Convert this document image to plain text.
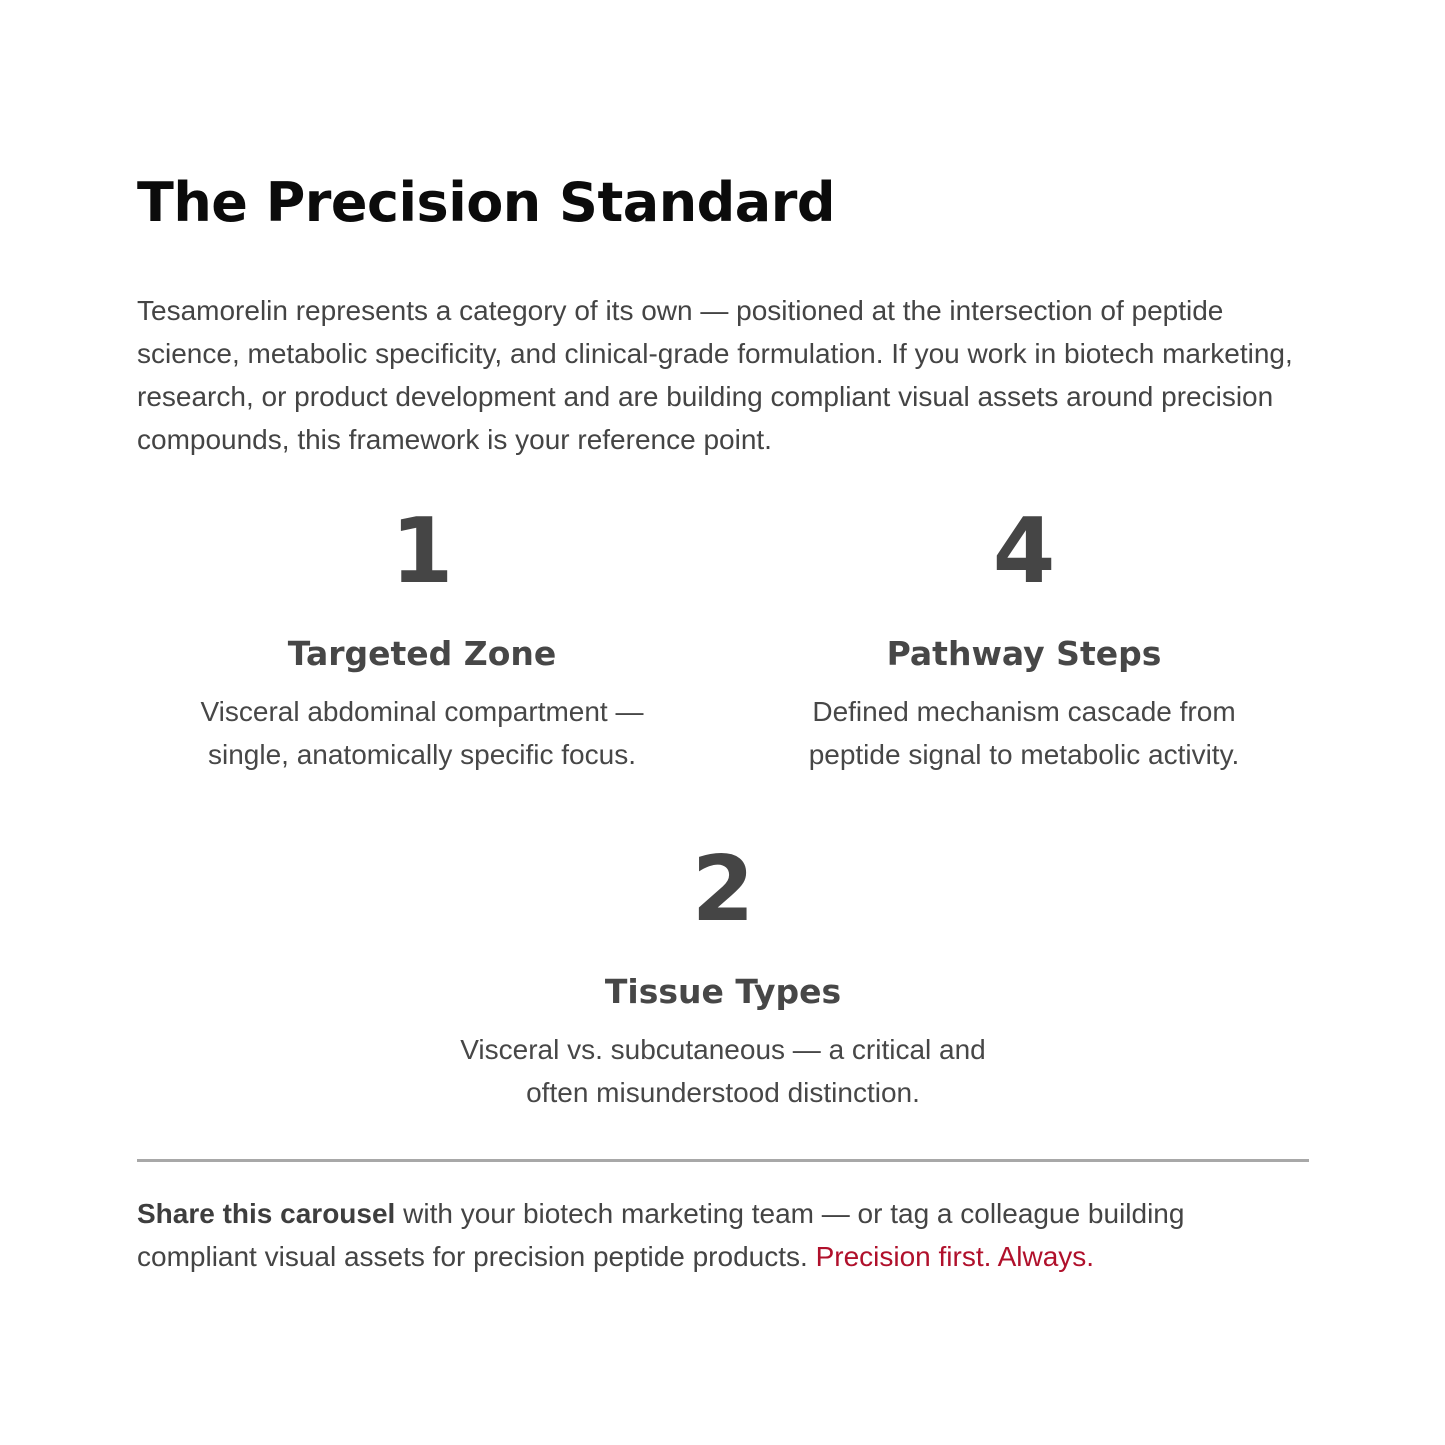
The Precision Standard

Tesamorelin represents a category of its own — positioned at the intersection of peptide science, metabolic specificity, and clinical-grade formulation. If you work in biotech marketing, research, or product development and are building compliant visual assets around precision compounds, this framework is your reference point.

1
Targeted Zone
Visceral abdominal compartment — single, anatomically specific focus.
4
Pathway Steps
Defined mechanism cascade from peptide signal to metabolic activity.
2
Tissue Types
Visceral vs. subcutaneous — a critical and often misunderstood distinction.

Share this carousel with your biotech marketing team — or tag a colleague building compliant visual assets for precision peptide products. Precision first. Always.
